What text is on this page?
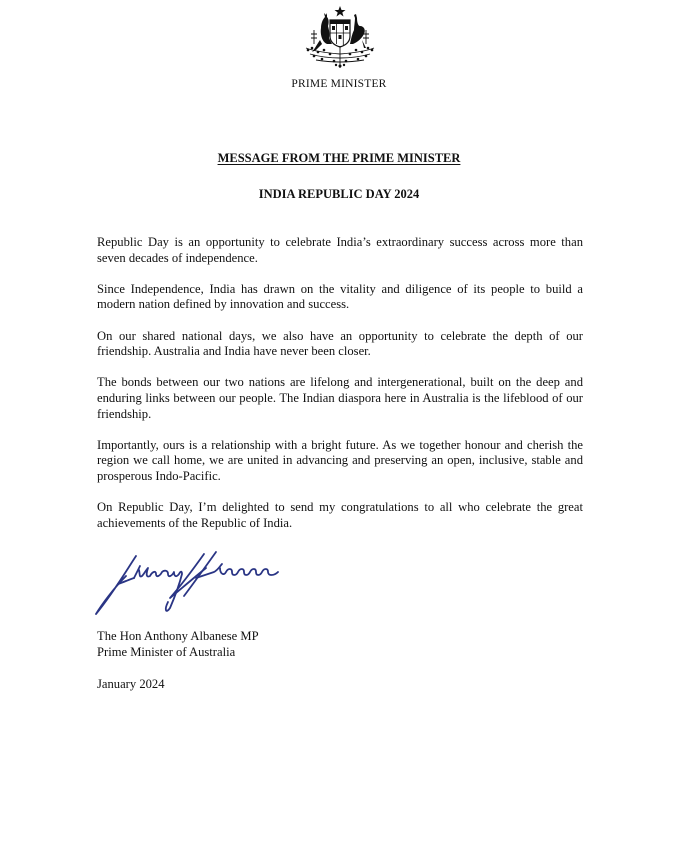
PRIME MINISTER
MESSAGE FROM THE PRIME MINISTER
INDIA REPUBLIC DAY 2024

Republic Day is an opportunity to celebrate India’s extraordinary success across more than seven decades of independence.

Since Independence, India has drawn on the vitality and diligence of its people to build a modern nation defined by innovation and success.

On our shared national days, we also have an opportunity to celebrate the depth of our friendship. Australia and India have never been closer.

The bonds between our two nations are lifelong and intergenerational, built on the deep and enduring links between our people. The Indian diaspora here in Australia is the lifeblood of our friendship.

Importantly, ours is a relationship with a bright future. As we together honour and cherish the region we call home, we are united in advancing and preserving an open, inclusive, stable and prosperous Indo-Pacific.

On Republic Day, I’m delighted to send my congratulations to all who celebrate the great achievements of the Republic of India.

The Hon Anthony Albanese MP
Prime Minister of Australia
January 2024
